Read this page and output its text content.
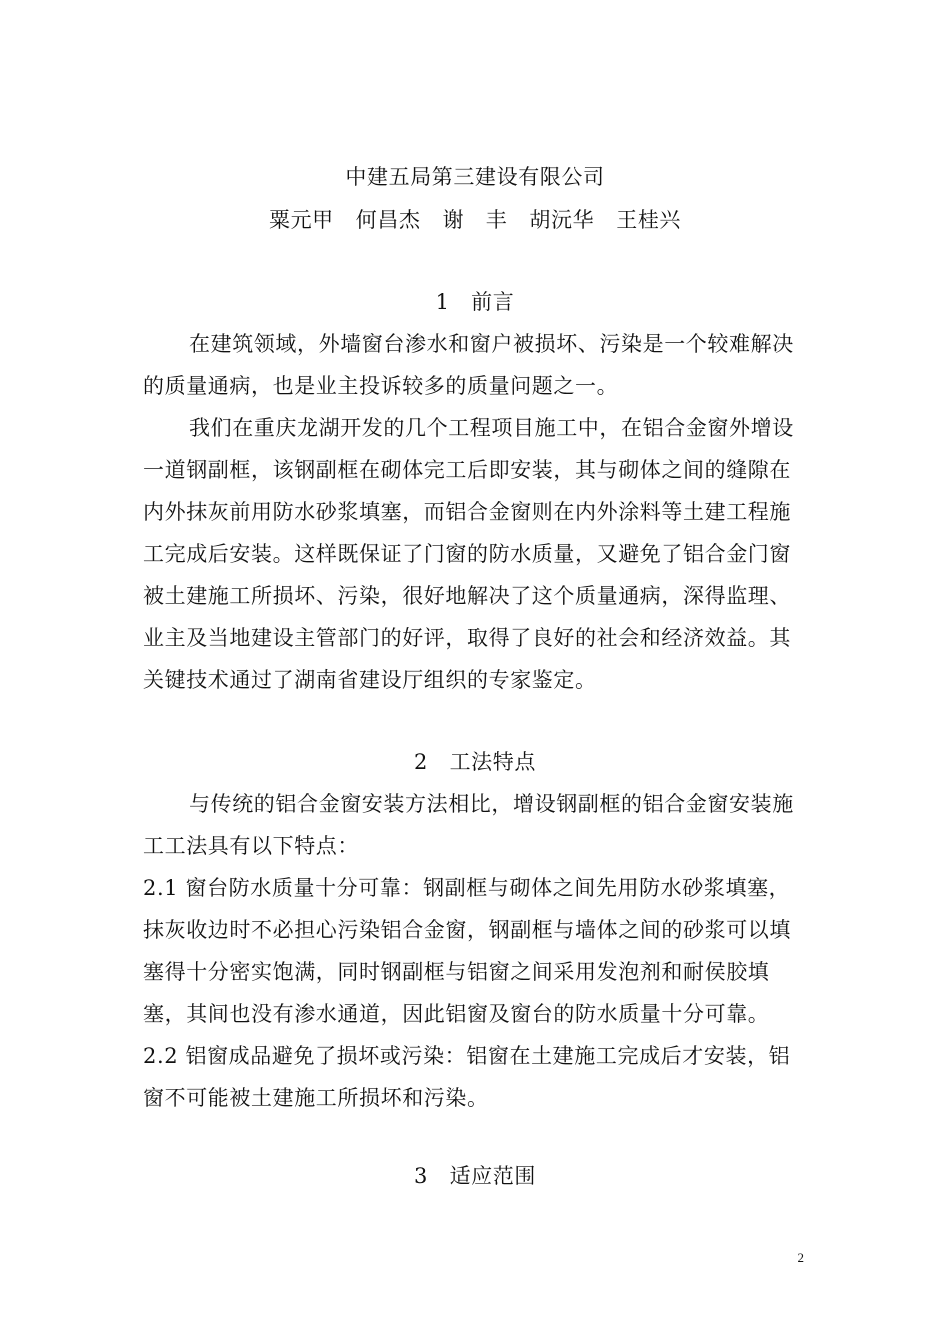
中建五局第三建设有限公司
粟元甲 何昌杰 谢　丰 胡沅华 王桂兴
1　前言
在建筑领域，外墙窗台渗水和窗户被损坏、污染是一个较难解决
的质量通病，也是业主投诉较多的质量问题之一。
我们在重庆龙湖开发的几个工程项目施工中，在铝合金窗外增设
一道钢副框，该钢副框在砌体完工后即安装，其与砌体之间的缝隙在
内外抹灰前用防水砂浆填塞，而铝合金窗则在内外涂料等土建工程施
工完成后安装。这样既保证了门窗的防水质量，又避免了铝合金门窗
被土建施工所损坏、污染，很好地解决了这个质量通病，深得监理、
业主及当地建设主管部门的好评，取得了良好的社会和经济效益。其
关键技术通过了湖南省建设厅组织的专家鉴定。
2　工法特点
与传统的铝合金窗安装方法相比，增设钢副框的铝合金窗安装施
工工法具有以下特点：
2.1 窗台防水质量十分可靠：钢副框与砌体之间先用防水砂浆填塞，
抹灰收边时不必担心污染铝合金窗，钢副框与墙体之间的砂浆可以填
塞得十分密实饱满，同时钢副框与铝窗之间采用发泡剂和耐侯胶填
塞，其间也没有渗水通道，因此铝窗及窗台的防水质量十分可靠。
2.2 铝窗成品避免了损坏或污染：铝窗在土建施工完成后才安装，铝
窗不可能被土建施工所损坏和污染。
3　适应范围
2
